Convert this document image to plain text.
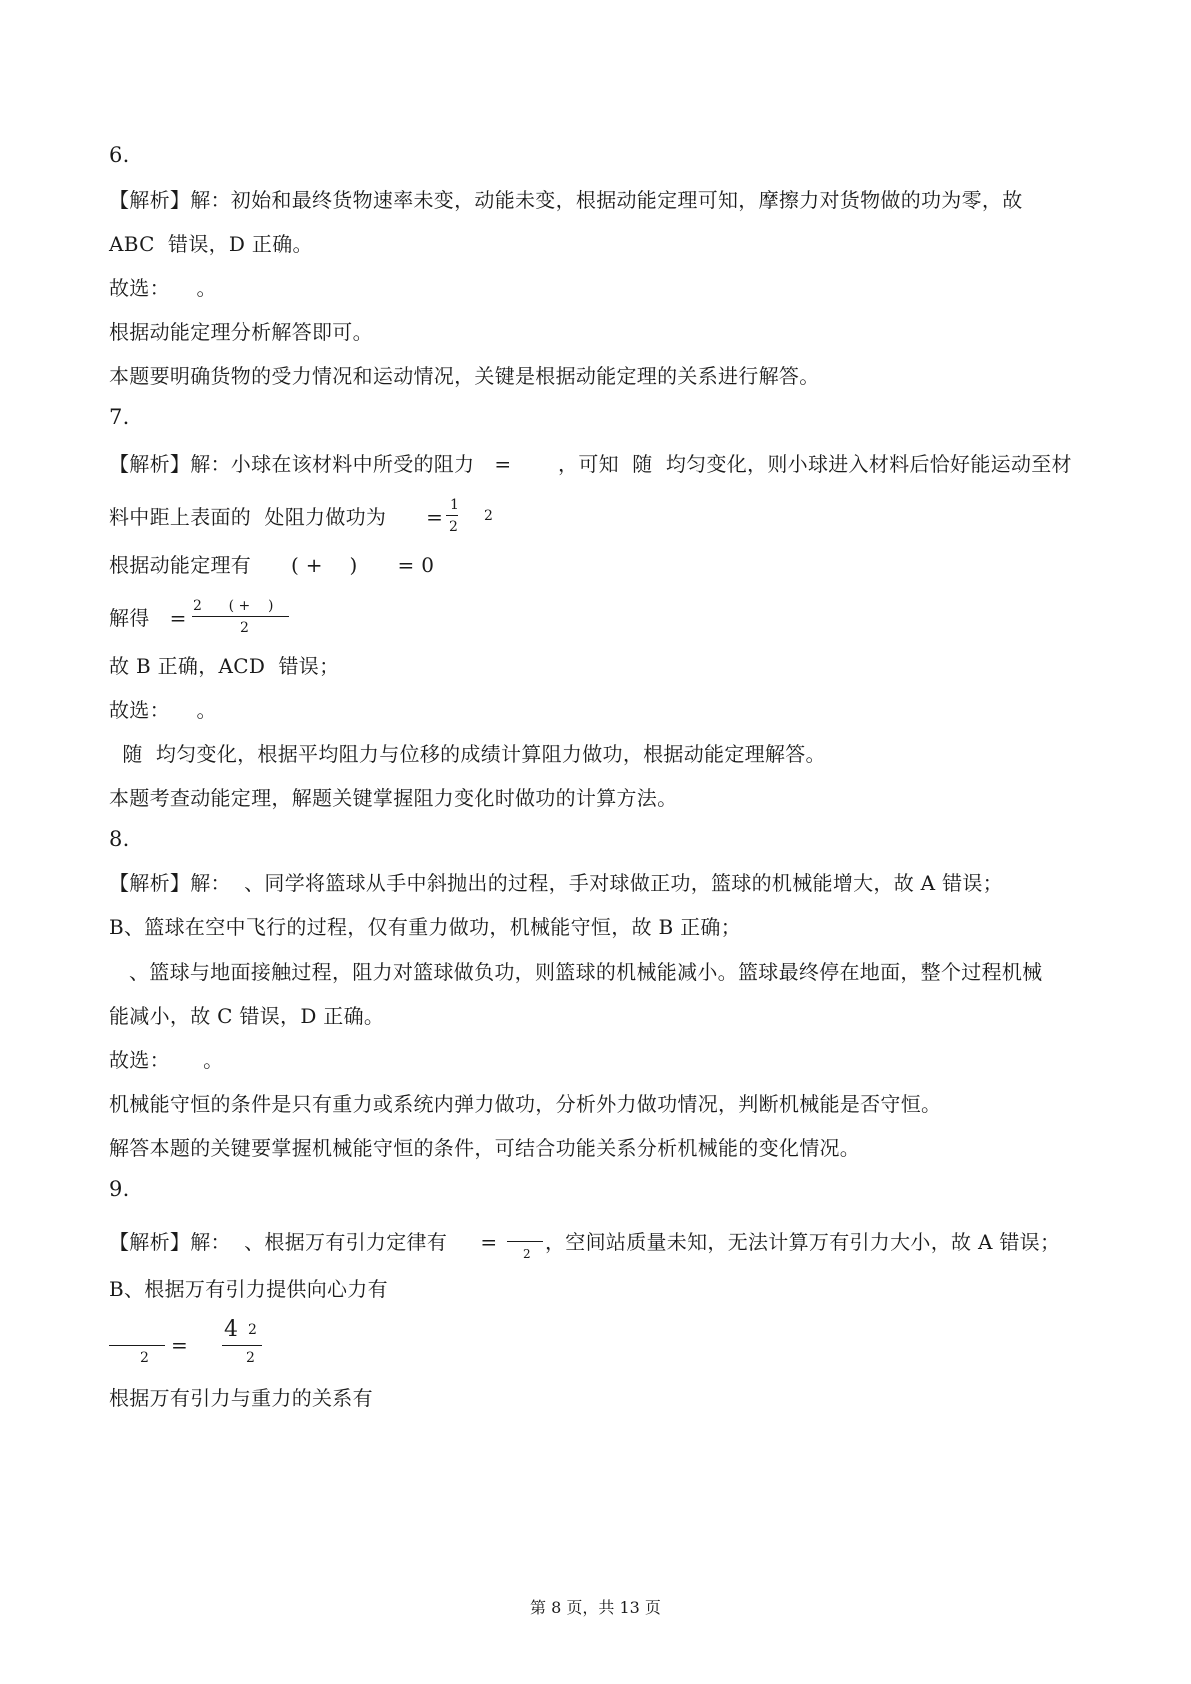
6.
【解析】解：初始和最终货物速率未变，动能未变，根据动能定理可知，摩擦力对货物做的功为零，故
ABC  错误，D 正确。
故选：    。
根据动能定理分析解答即可。
本题要明确货物的受力情况和运动情况，关键是根据动能定理的关系进行解答。
7.
【解析】解：小球在该材料中所受的阻力   =       ，可知  随  均匀变化，则小球进入材料后恰好能运动至材
料中距上表面的  处阻力做功为      = 1
2
2
根据动能定理有      ( +    )      = 0
解得   = 2      ( +    )
2
故 B 正确，ACD  错误；
故选：    。
随  均匀变化，根据平均阻力与位移的成绩计算阻力做功，根据动能定理解答。
本题考查动能定理，解题关键掌握阻力变化时做功的计算方法。
8.
【解析】解：  、同学将篮球从手中斜抛出的过程，手对球做正功，篮球的机械能增大，故 A 错误；
B、篮球在空中飞行的过程，仅有重力做功，机械能守恒，故 B 正确；
、篮球与地面接触过程，阻力对篮球做负功，则篮球的机械能减小。篮球最终停在地面，整个过程机械
能减小，故 C 错误，D 正确。
故选：     。
机械能守恒的条件是只有重力或系统内弹力做功，分析外力做功情况，判断机械能是否守恒。
解答本题的关键要掌握机械能守恒的条件，可结合功能关系分析机械能的变化情况。
9.
【解析】解：  、根据万有引力定律有     = 2 ，空间站质量未知，无法计算万有引力大小，故 A 错误；
B、根据万有引力提供向心力有
2
=
4 2
2
根据万有引力与重力的关系有
第 8 页，共 13 页
